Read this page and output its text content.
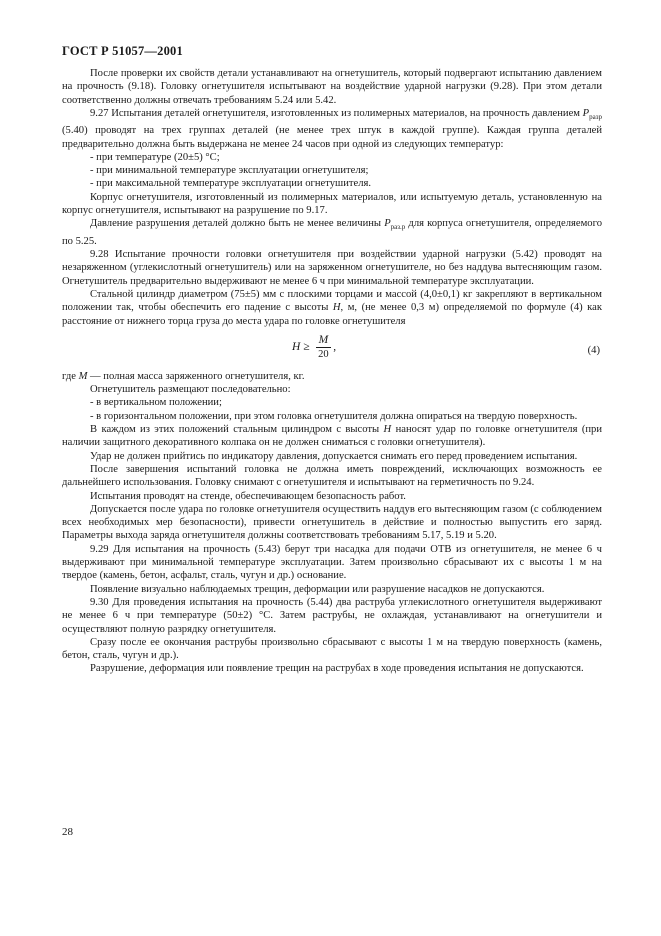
ГОСТ Р 51057—2001

После проверки их свойств детали устанавливают на огнетушитель, который подвергают испытанию давлением на прочность (9.18). Головку огнетушителя испытывают на воздействие ударной нагрузки (9.28). При этом детали соответственно должны отвечать требованиям 5.24 или 5.42.

9.27 Испытания деталей огнетушителя, изготовленных из полимерных материалов, на прочность давлением $P_{разр}$ (5.40) проводят на трех группах деталей (не менее трех штук в каждой группе). Каждая группа деталей предварительно должна быть выдержана не менее 24 часов при одной из следующих температур:

- при температуре (20±5) °С;

- при минимальной температуре эксплуатации огнетушителя;

- при максимальной температуре эксплуатации огнетушителя.

Корпус огнетушителя, изготовленный из полимерных материалов, или испытуемую деталь, установленную на корпус огнетушителя, испытывают на разрушение по 9.17.

Давление разрушения деталей должно быть не менее величины $P_{раз.р}$ для корпуса огнетушителя, определяемого по 5.25.

9.28 Испытание прочности головки огнетушителя при воздействии ударной нагрузки (5.42) проводят на незаряженном (углекислотный огнетушитель) или на заряженном огнетушителе, но без наддува вытесняющим газом. Огнетушитель предварительно выдерживают не менее 6 ч при минимальной температуре эксплуатации.

Стальной цилиндр диаметром (75±5) мм с плоскими торцами и массой (4,0±0,1) кг закрепляют в вертикальном положении так, чтобы обеспечить его падение с высоты H, м, (не менее 0,3 м) определяемой по формуле (4) как расстояние от нижнего торца груза до места удара по головке огнетушителя

$H \ge \frac{M}{20}$ ,	(4)

где M — полная масса заряженного огнетушителя, кг.

Огнетушитель размещают последовательно:

- в вертикальном положении;

- в горизонтальном положении, при этом головка огнетушителя должна опираться на твердую поверхность.

В каждом из этих положений стальным цилиндром с высоты H наносят удар по головке огнетушителя (при наличии защитного декоративного колпака он не должен сниматься с головки огнетушителя).

Удар не должен прийтись по индикатору давления, допускается снимать его перед проведением испытания.

После завершения испытаний головка не должна иметь повреждений, исключающих возможность ее дальнейшего использования. Головку снимают с огнетушителя и испытывают на герметичность по 9.24.

Испытания проводят на стенде, обеспечивающем безопасность работ.

Допускается после удара по головке огнетушителя осуществить наддув его вытесняющим газом (с соблюдением всех необходимых мер безопасности), привести огнетушитель в действие и полностью выпустить его заряд. Параметры выхода заряда огнетушителя должны соответствовать требованиям 5.17, 5.19 и 5.20.

9.29 Для испытания на прочность (5.43) берут три насадка для подачи ОТВ из огнетушителя, не менее 6 ч выдерживают при минимальной температуре эксплуатации. Затем произвольно сбрасывают их с высоты 1 м на твердое (камень, бетон, асфальт, сталь, чугун и др.) основание.

Появление визуально наблюдаемых трещин, деформации или разрушение насадков не допускаются.

9.30 Для проведения испытания на прочность (5.44) два раструба углекислотного огнетушителя выдерживают не менее 6 ч при температуре (50±2) °С. Затем раструбы, не охлаждая, устанавливают на огнетушители и осуществляют полную разрядку огнетушителя.

Сразу после ее окончания раструбы произвольно сбрасывают с высоты 1 м на твердую поверхность (камень, бетон, сталь, чугун и др.).

Разрушение, деформация или появление трещин на раструбах в ходе проведения испытания не допускаются.

28
